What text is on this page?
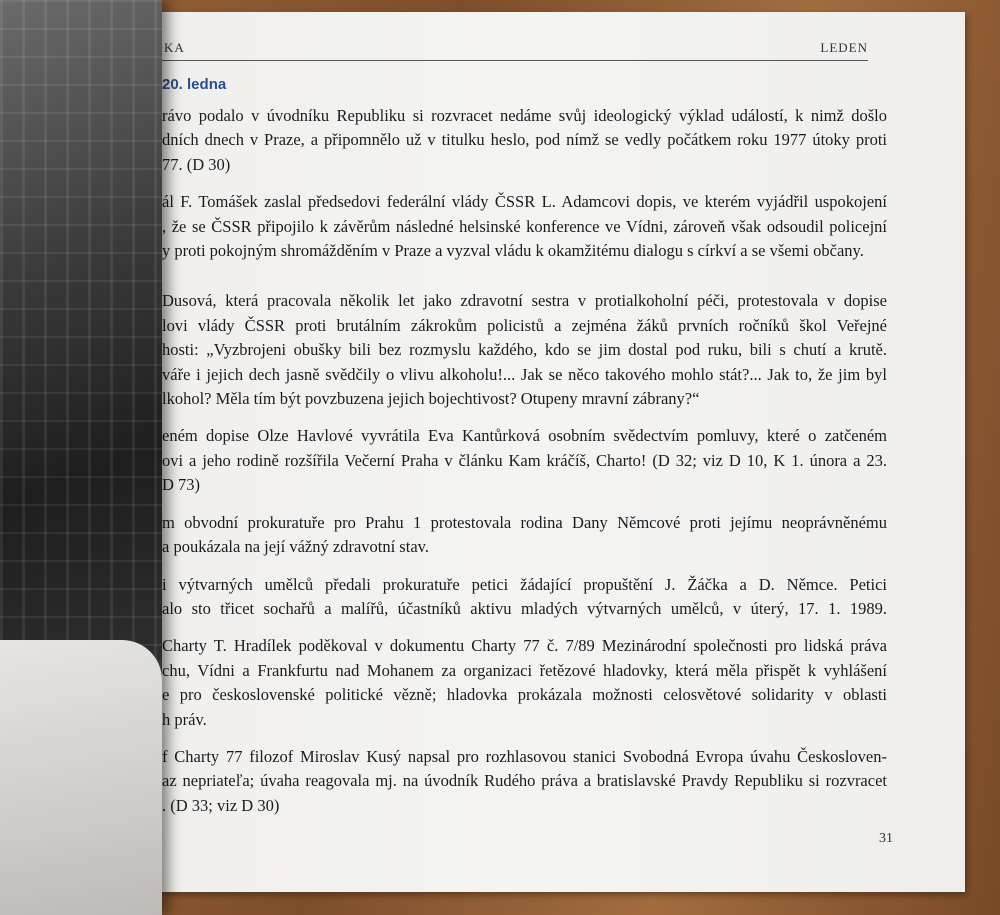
KA	LEDEN
20. ledna
rávo podalo v úvodníku Republiku si rozvracet nedáme svůj ideologický výklad událostí, k nimž došlo
dních dnech v Praze, a připomnělo už v titulku heslo, pod nímž se vedly počátkem roku 1977 útoky proti
77. (D 30)
ál F. Tomášek zaslal předsedovi federální vlády ČSSR L. Adamcovi dopis, ve kterém vyjádřil uspokojení
, že se ČSSR připojilo k závěrům následné helsinské konference ve Vídni, zároveň však odsoudil policejní
y proti pokojným shromážděním v Praze a vyzval vládu k okamžitému dialogu s církví a se všemi občany.
Dusová, která pracovala několik let jako zdravotní sestra v protialkoholní péči, protestovala v dopise
lovi vlády ČSSR proti brutálním zákrokům policistů a zejména žáků prvních ročníků škol Veřejné
hosti: „Vyzbrojeni obušky bili bez rozmyslu každého, kdo se jim dostal pod ruku, bili s chutí a krutě.
váře i jejich dech jasně svědčily o vlivu alkoholu!... Jak se něco takového mohlo stát?... Jak to, že jim byl
lkohol? Měla tím být povzbuzena jejich bojechtivost? Otupeny mravní zábrany?“
eném dopise Olze Havlové vyvrátila Eva Kantůrková osobním svědectvím pomluvy, které o zatčeném
ovi a jeho rodině rozšířila Večerní Praha v článku Kam kráčíš, Charto! (D 32; viz D 10, K 1. února a 23.
D 73)
m obvodní prokuratuře pro Prahu 1 protestovala rodina Dany Němcové proti jejímu neoprávněnému
a poukázala na její vážný zdravotní stav.
i výtvarných umělců předali prokuratuře petici žádající propuštění J. Žáčka a D. Němce. Petici
alo sto třicet sochařů a malířů, účastníků aktivu mladých výtvarných umělců, v úterý, 17. 1. 1989.
Charty T. Hradílek poděkoval v dokumentu Charty 77 č. 7/89 Mezinárodní společnosti pro lidská práva
chu, Vídni a Frankfurtu nad Mohanem za organizaci řetězové hladovky, která měla přispět k vyhlášení
e pro československé politické vězně; hladovka prokázala možnosti celosvětové solidarity v oblasti
h práv.
f Charty 77 filozof Miroslav Kusý napsal pro rozhlasovou stanici Svobodná Evropa úvahu Českosloven-
az nepriateľa; úvaha reagovala mj. na úvodník Rudého práva a bratislavské Pravdy Republiku si rozvracet
. (D 33; viz D 30)
31
